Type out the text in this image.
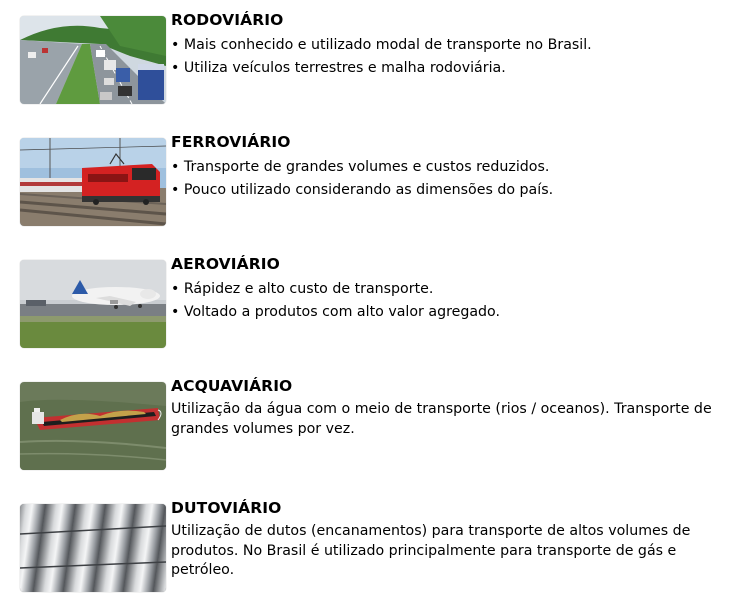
RODOVIÁRIO
• Mais conhecido e utilizado modal de transporte no Brasil.
• Utiliza veículos terrestres e malha rodoviária.
FERROVIÁRIO
• Transporte de grandes volumes e custos reduzidos.
• Pouco utilizado considerando as dimensões do país.
AEROVIÁRIO
• Rápidez e alto custo de transporte.
• Voltado a produtos com alto valor agregado.
ACQUAVIÁRIO

Utilização da água com o meio de transporte (rios / oceanos). Transporte de grandes volumes por vez.

DUTOVIÁRIO

Utilização de dutos (encanamentos) para transporte de altos volumes de produtos. No Brasil é utilizado principalmente para transporte de gás e petróleo.
